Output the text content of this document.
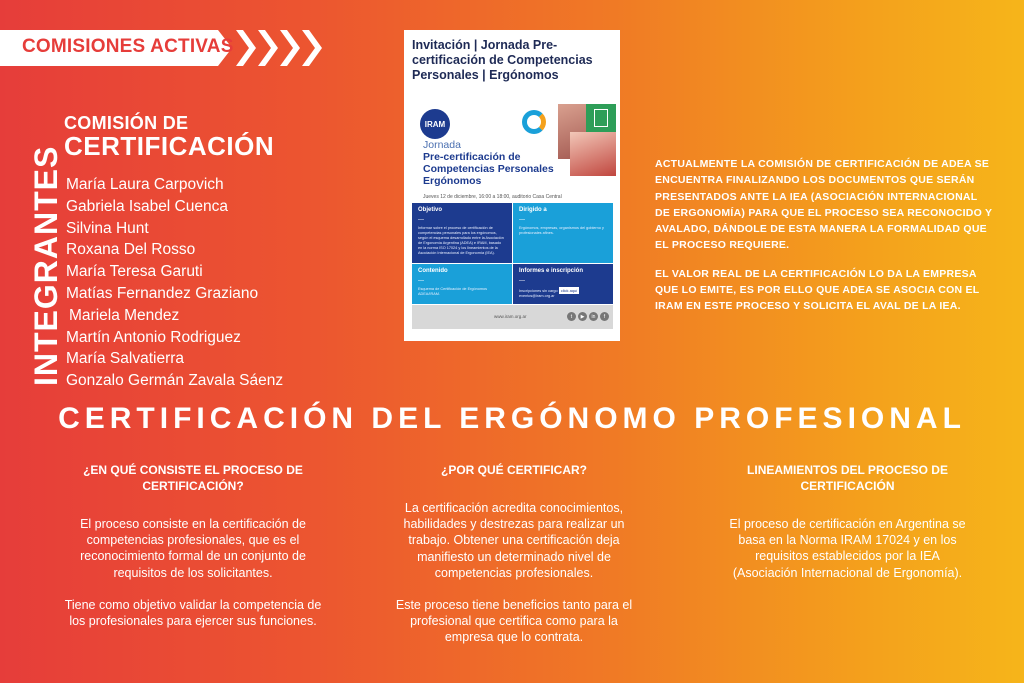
COMISIONES ACTIVAS
COMISIÓN DE
CERTIFICACIÓN
INTEGRANTES María Laura Carpovich
Gabriela Isabel Cuenca
Silvina Hunt
Roxana Del Rosso
María Teresa Garuti
Matías Fernandez Graziano
Mariela Mendez
Martín Antonio Rodriguez
María Salvatierra
Gonzalo Germán Zavala Sáenz
Invitación | Jornada Pre-certificación de Competencias Personales | Ergónomos
IRAM
Jornada
Pre-certificación de Competencias Personales Ergónomos
Jueves 12 de diciembre, 16:00 a 18:00, auditorio Casa Central
Objetivo
—
Informar sobre el proceso de certificación de competencias personales para los ergónomos, según el esquema desarrollado entre la Asociación de Ergonomía Argentina (ADEA) e IRAM, basado en la norma ISO 17024 y los lineamientos de la Asociación Internacional de Ergonomía (IEA).
Dirigido a
—
Ergónomos, empresas, organismos del gobierno y profesionales afines.
Contenido
—
Esquema de Certificación de Ergónomos ADEA/IRAM.
Informes e inscripción
—
Inscripciones sin cargo click aquí
eventos@iram.org.ar
www.iram.org.ar	t	▶	in	f

ACTUALMENTE LA COMISIÓN DE CERTIFICACIÓN DE ADEA SE ENCUENTRA FINALIZANDO LOS DOCUMENTOS QUE SERÁN PRESENTADOS ANTE LA IEA (ASOCIACIÓN INTERNACIONAL DE ERGONOMÍA) PARA QUE EL PROCESO SEA RECONOCIDO Y AVALADO, DÁNDOLE DE ESTA MANERA LA FORMALIDAD QUE EL PROCESO REQUIERE.

EL VALOR REAL DE LA CERTIFICACIÓN LO DA LA EMPRESA QUE LO EMITE, ES POR ELLO QUE ADEA SE ASOCIA CON EL IRAM EN ESTE PROCESO Y SOLICITA EL AVAL DE LA IEA.

CERTIFICACIÓN DEL ERGÓNOMO PROFESIONAL
¿EN QUÉ CONSISTE EL PROCESO DE CERTIFICACIÓN?

El proceso consiste en la certificación de competencias profesionales, que es el reconocimiento formal de un conjunto de requisitos de los solicitantes.

Tiene como objetivo validar la competencia de los profesionales para ejercer sus funciones.

¿POR QUÉ CERTIFICAR?

La certificación acredita conocimientos, habilidades y destrezas para realizar un trabajo. Obtener una certificación deja manifiesto un determinado nivel de competencias profesionales.

Este proceso tiene beneficios tanto para el profesional que certifica como para la empresa que lo contrata.

LINEAMIENTOS DEL PROCESO DE CERTIFICACIÓN

El proceso de certificación en Argentina se basa en la Norma IRAM 17024 y en los requisitos establecidos por la IEA (Asociación Internacional de Ergonomía).
